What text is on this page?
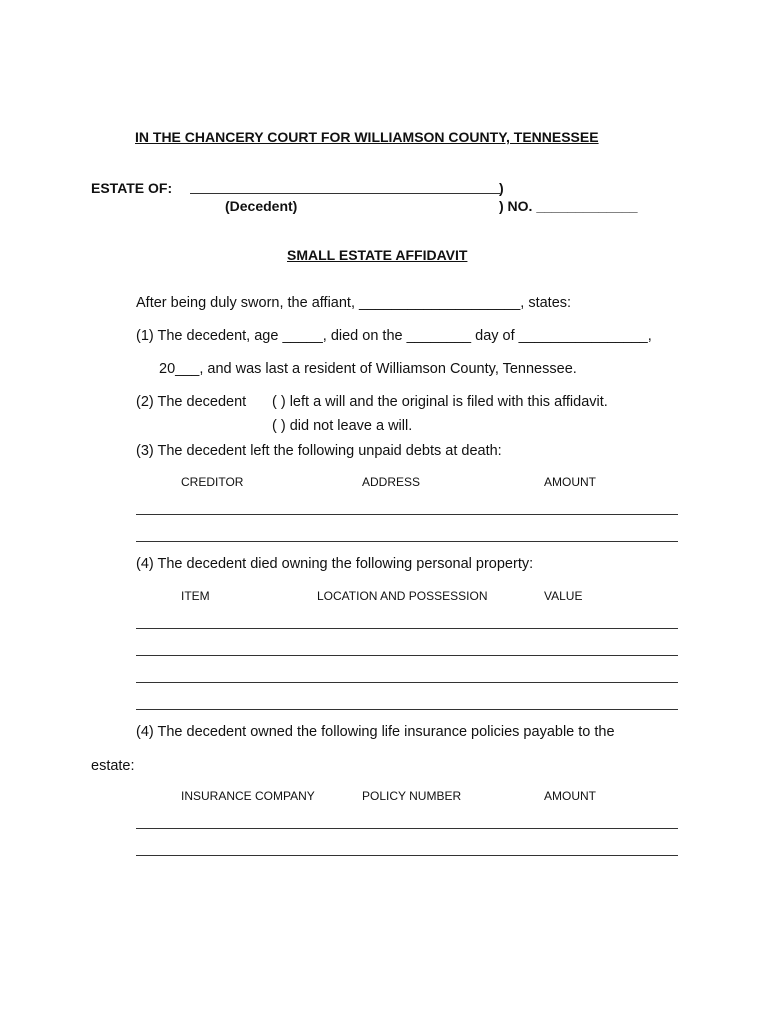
IN THE CHANCERY COURT FOR WILLIAMSON COUNTY, TENNESSEE
ESTATE OF:	)
(Decedent)	) NO. _____________
SMALL ESTATE AFFIDAVIT
After being duly sworn, the affiant, ____________________, states:
(1) The decedent, age _____, died on the ________ day of ________________,
20___, and was last a resident of Williamson County, Tennessee.
(2) The decedent ( ) left a will and the original is filed with this affidavit.
( ) did not leave a will.
(3) The decedent left the following unpaid debts at death:
CREDITOR	ADDRESS	AMOUNT
(4) The decedent died owning the following personal property:
ITEM	LOCATION AND POSSESSION	VALUE
(4) The decedent owned the following life insurance policies payable to the
estate:
INSURANCE COMPANY	POLICY NUMBER	AMOUNT
